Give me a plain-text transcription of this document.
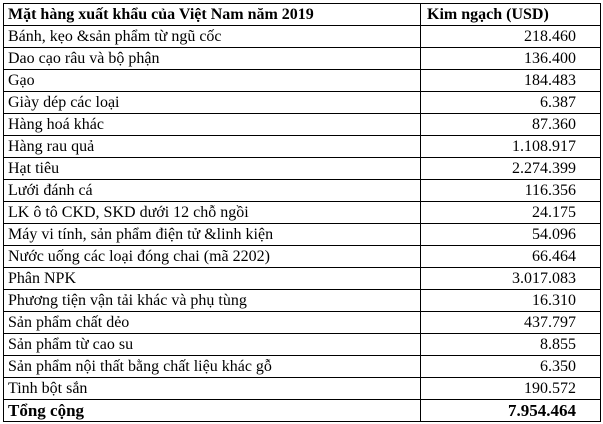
Mặt hàng xuất khẩu của Việt Nam năm 2019	Kim ngạch (USD)
Bánh, kẹo &sản phẩm từ ngũ cốc	218.460
Dao cạo râu và bộ phận	136.400
Gạo	184.483
Giày dép các loại	6.387
Hàng hoá khác	87.360
Hàng rau quả	1.108.917
Hạt tiêu	2.274.399
Lưới đánh cá	116.356
LK ô tô CKD, SKD dưới 12 chỗ ngồi	24.175
Máy vi tính, sản phẩm điện tử &linh kiện	54.096
Nước uống các loại đóng chai (mã 2202)	66.464
Phân NPK	3.017.083
Phương tiện vận tải khác và phụ tùng	16.310
Sản phẩm chất dẻo	437.797
Sản phẩm từ cao su	8.855
Sản phẩm nội thất bằng chất liệu khác gỗ	6.350
Tinh bột sắn	190.572
Tổng cộng	7.954.464
